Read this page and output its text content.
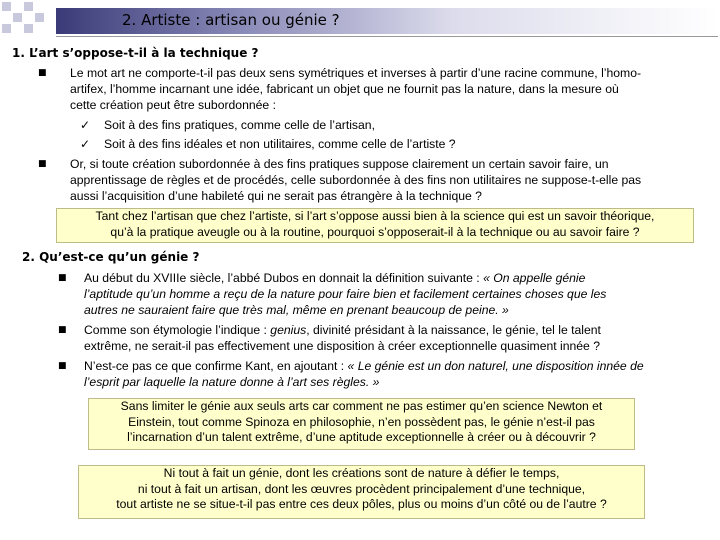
2. Artiste : artisan ou génie ?
1. L’art s’oppose-t-il à la technique ?
■ Le mot art ne comporte-t-il pas deux sens symétriques et inverses à partir d’une racine commune, l’homo-
artifex, l’homme incarnant une idée, fabricant un objet que ne fournit pas la nature, dans la mesure où
cette création peut être subordonnée :
✓ Soit à des fins pratiques, comme celle de l’artisan,
✓ Soit à des fins idéales et non utilitaires, comme celle de l’artiste ?
■ Or, si toute création subordonnée à des fins pratiques suppose clairement un certain savoir faire, un
apprentissage de règles et de procédés, celle subordonnée à des fins non utilitaires ne suppose-t-elle pas
aussi l’acquisition d’une habileté qui ne serait pas étrangère à la technique ?
Tant chez l’artisan que chez l’artiste, si l’art s’oppose aussi bien à la science qui est un savoir théorique,
qu’à la pratique aveugle ou à la routine, pourquoi s’opposerait-il à la technique ou au savoir faire ?
2. Qu’est-ce qu’un génie ?
■ Au début du XVIIIe siècle, l’abbé Dubos en donnait la définition suivante : « On appelle génie
l’aptitude qu’un homme a reçu de la nature pour faire bien et facilement certaines choses que les
autres ne sauraient faire que très mal, même en prenant beaucoup de peine. »
■ Comme son étymologie l’indique : genius, divinité présidant à la naissance, le génie, tel le talent
extrême, ne serait-il pas effectivement une disposition à créer exceptionnelle quasiment innée ?
■ N’est-ce pas ce que confirme Kant, en ajoutant : « Le génie est un don naturel, une disposition innée de
l’esprit par laquelle la nature donne à l’art ses règles. »
Sans limiter le génie aux seuls arts car comment ne pas estimer qu’en science Newton et
Einstein, tout comme Spinoza en philosophie, n’en possèdent pas, le génie n’est-il pas
l’incarnation d’un talent extrême, d’une aptitude exceptionnelle à créer ou à découvrir ?
Ni tout à fait un génie, dont les créations sont de nature à défier le temps,
ni tout à fait un artisan, dont les œuvres procèdent principalement d’une technique,
tout artiste ne se situe-t-il pas entre ces deux pôles, plus ou moins d’un côté ou de l’autre ?
